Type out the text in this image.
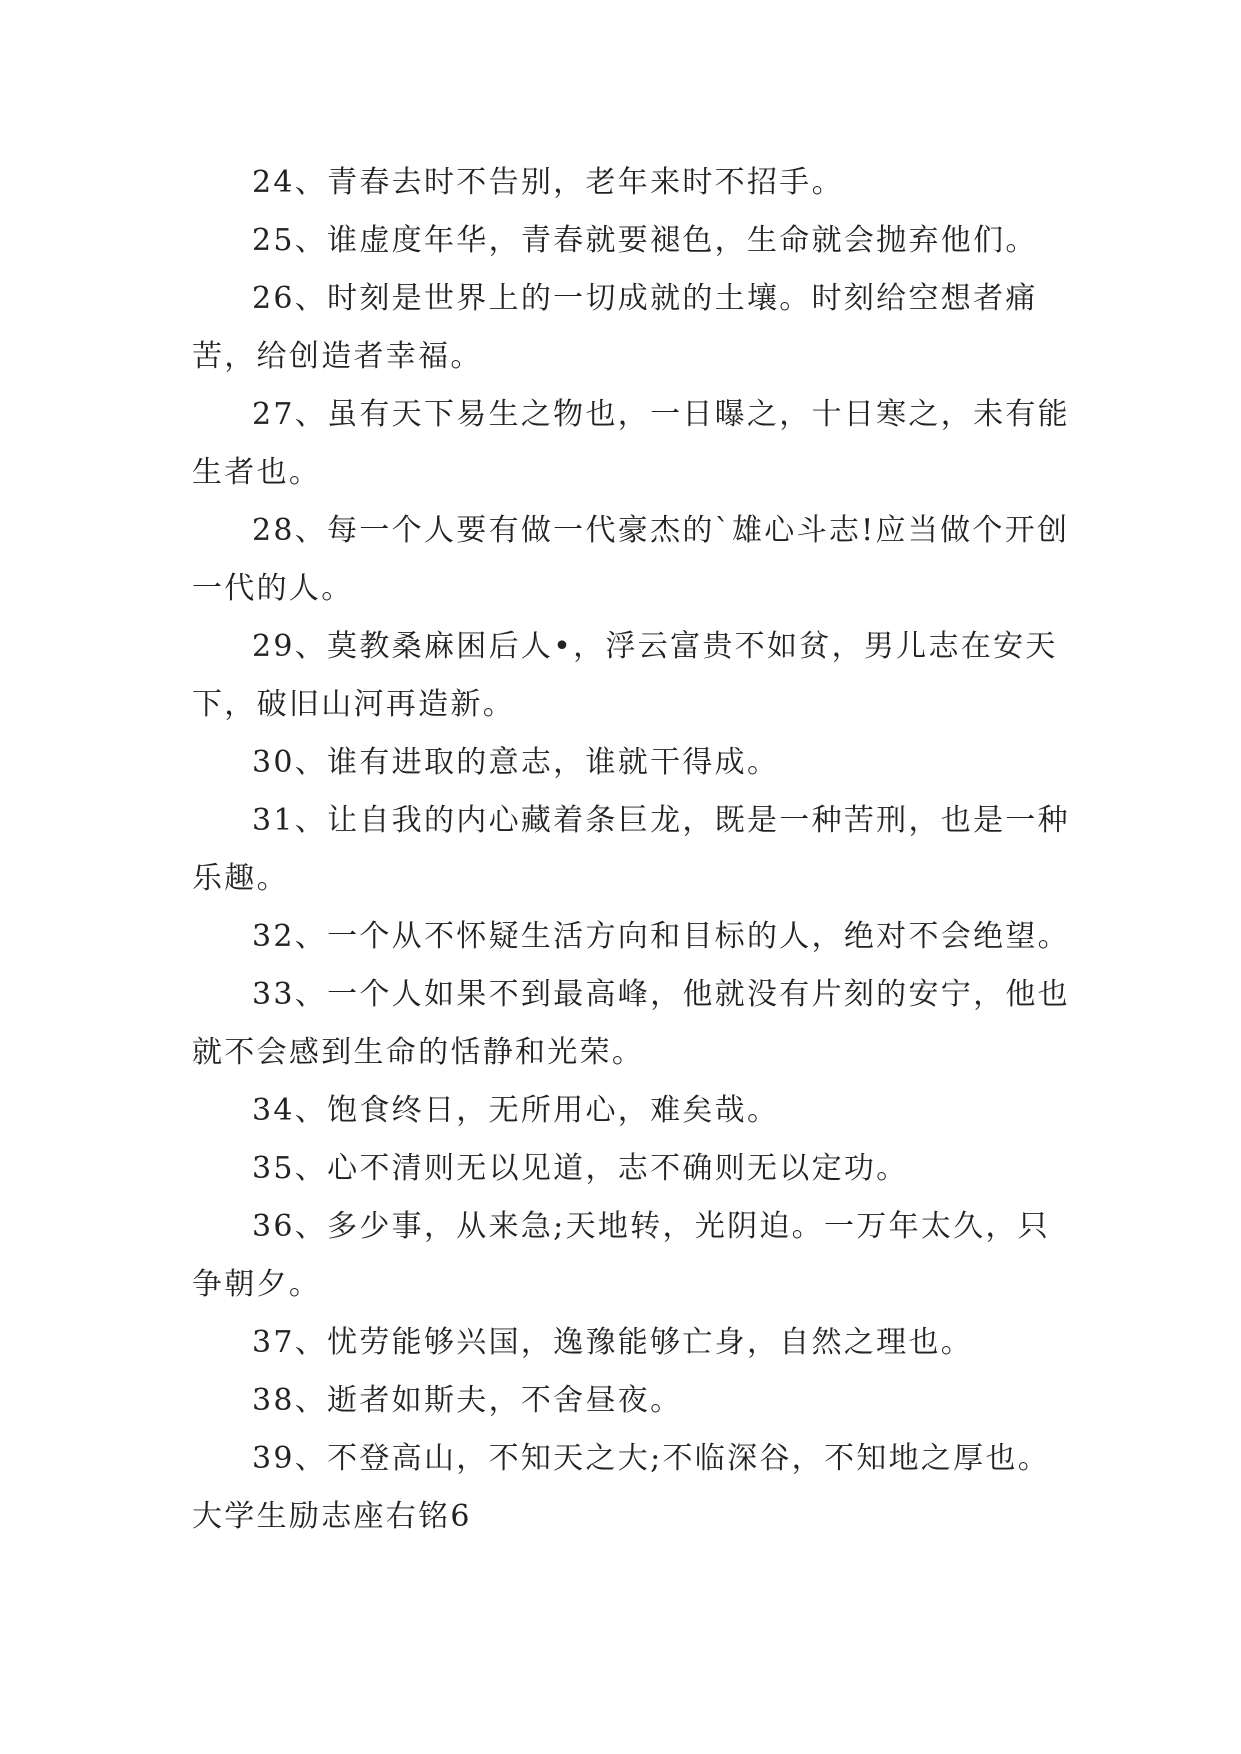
24、青春去时不告别，老年来时不招手。

25、谁虚度年华，青春就要褪色，生命就会抛弃他们。

26、时刻是世界上的一切成就的土壤。时刻给空想者痛苦，给创造者幸福。

27、虽有天下易生之物也，一日曝之，十日寒之，未有能生者也。

28、每一个人要有做一代豪杰的`雄心斗志!应当做个开创一代的人。

29、莫教桑麻困后人•，浮云富贵不如贫，男儿志在安天下，破旧山河再造新。

30、谁有进取的意志，谁就干得成。

31、让自我的内心藏着条巨龙，既是一种苦刑，也是一种乐趣。

32、一个从不怀疑生活方向和目标的人，绝对不会绝望。

33、一个人如果不到最高峰，他就没有片刻的安宁，他也就不会感到生命的恬静和光荣。

34、饱食终日，无所用心，难矣哉。

35、心不清则无以见道，志不确则无以定功。

36、多少事，从来急;天地转，光阴迫。一万年太久，只争朝夕。

37、忧劳能够兴国，逸豫能够亡身，自然之理也。

38、逝者如斯夫，不舍昼夜。

39、不登高山，不知天之大;不临深谷，不知地之厚也。

大学生励志座右铭6
